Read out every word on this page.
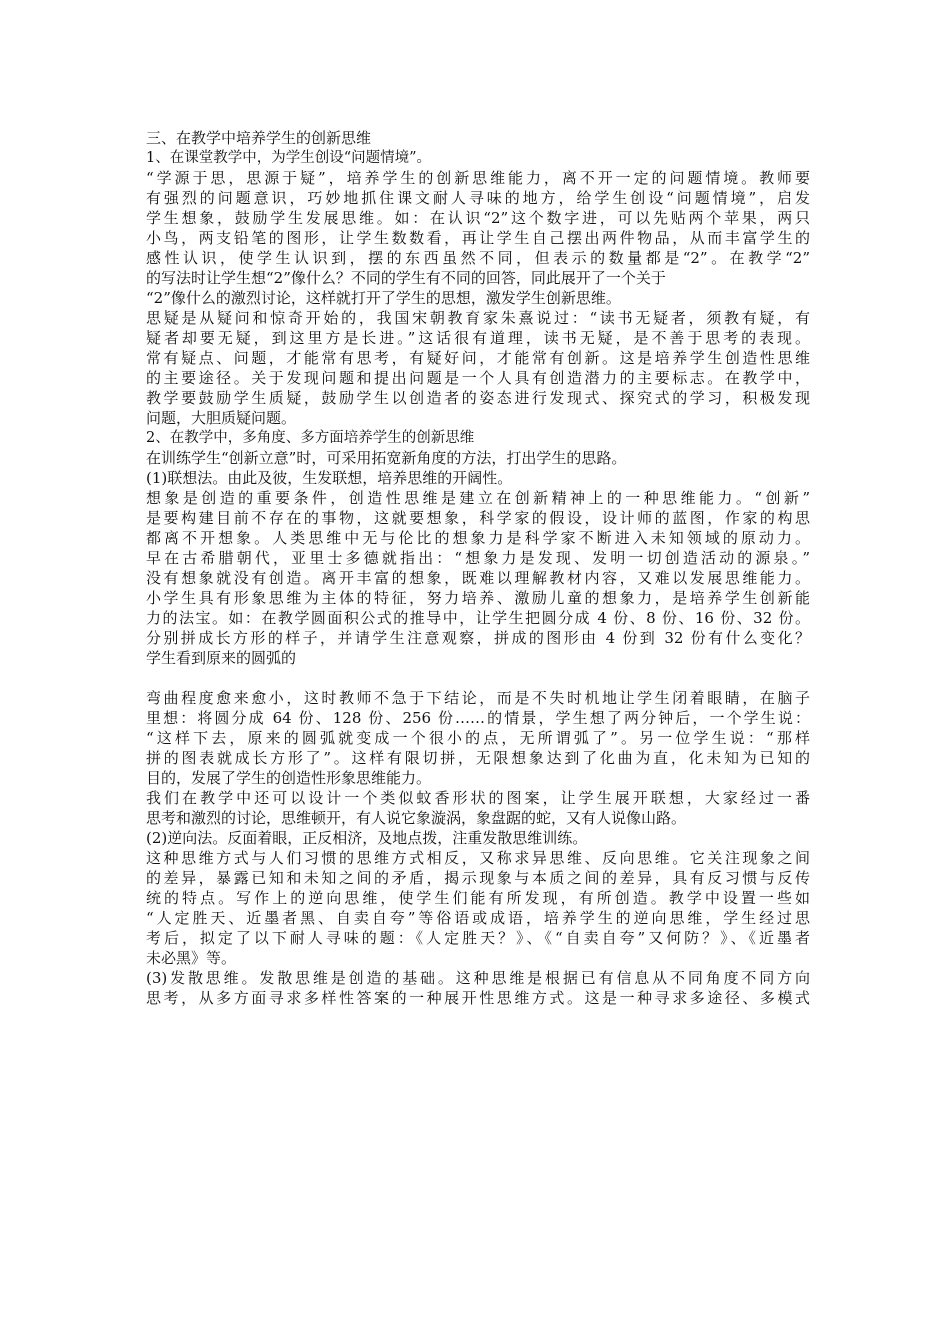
三、在教学中培养学生的创新思维
1、在课堂教学中，为学生创设“问题情境”。
“学源于思，思源于疑”，培养学生的创新思维能力，离不开一定的问题情境。教师要
有强烈的问题意识，巧妙地抓住课文耐人寻味的地方，给学生创设“问题情境”，启发
学生想象，鼓励学生发展思维。如：在认识“2”这个数字进，可以先贴两个苹果，两只
小鸟，两支铅笔的图形，让学生数数看，再让学生自己摆出两件物品，从而丰富学生的
感性认识，使学生认识到，摆的东西虽然不同，但表示的数量都是“2”。在教学“2”
的写法时让学生想“2”像什么？不同的学生有不同的回答，同此展开了一个关于
“2”像什么的激烈讨论，这样就打开了学生的思想，激发学生创新思维。
思疑是从疑问和惊奇开始的，我国宋朝教育家朱熹说过：“读书无疑者，须教有疑，有
疑者却要无疑，到这里方是长进。”这话很有道理，读书无疑，是不善于思考的表现。
常有疑点、问题，才能常有思考，有疑好问，才能常有创新。这是培养学生创造性思维
的主要途径。关于发现问题和提出问题是一个人具有创造潜力的主要标志。在教学中，
教学要鼓励学生质疑，鼓励学生以创造者的姿态进行发现式、探究式的学习，积极发现
问题，大胆质疑问题。
2、在教学中，多角度、多方面培养学生的创新思维
在训练学生“创新立意”时，可采用拓宽新角度的方法，打出学生的思路。
(1)联想法。由此及彼，生发联想，培养思维的开阔性。
想象是创造的重要条件，创造性思维是建立在创新精神上的一种思维能力。“创新”
是要构建目前不存在的事物，这就要想象，科学家的假设，设计师的蓝图，作家的构思
都离不开想象。人类思维中无与伦比的想象力是科学家不断进入未知领域的原动力。
早在古希腊朝代，亚里士多德就指出：“想象力是发现、发明一切创造活动的源泉。”
没有想象就没有创造。离开丰富的想象，既难以理解教材内容，又难以发展思维能力。
小学生具有形象思维为主体的特征，努力培养、激励儿童的想象力，是培养学生创新能
力的法宝。如：在教学圆面积公式的推导中，让学生把圆分成 4 份、8 份、16 份、32 份。
分别拼成长方形的样子，并请学生注意观察，拼成的图形由 4 份到 32 份有什么变化？
学生看到原来的圆弧的
弯曲程度愈来愈小，这时教师不急于下结论，而是不失时机地让学生闭着眼睛，在脑子
里想：将圆分成 64 份、128 份、256 份……的情景，学生想了两分钟后，一个学生说：
“这样下去，原来的圆弧就变成一个很小的点，无所谓弧了”。另一位学生说：“那样
拼的图表就成长方形了”。这样有限切拼，无限想象达到了化曲为直，化未知为已知的
目的，发展了学生的创造性形象思维能力。
我们在教学中还可以设计一个类似蚊香形状的图案，让学生展开联想，大家经过一番
思考和激烈的讨论，思维顿开，有人说它象漩涡，象盘踞的蛇，又有人说像山路。
(2)逆向法。反面着眼，正反相济，及地点拨，注重发散思维训练。
这种思维方式与人们习惯的思维方式相反，又称求异思维、反向思维。它关注现象之间
的差异，暴露已知和未知之间的矛盾，揭示现象与本质之间的差异，具有反习惯与反传
统的特点。写作上的逆向思维，使学生们能有所发现，有所创造。教学中设置一些如
“人定胜天、近墨者黑、自卖自夸”等俗语或成语，培养学生的逆向思维，学生经过思
考后，拟定了以下耐人寻味的题：《人定胜天？》、《“自卖自夸”又何防？》、《近墨者
未必黑》等。
(3)发散思维。发散思维是创造的基础。这种思维是根据已有信息从不同角度不同方向
思考，从多方面寻求多样性答案的一种展开性思维方式。这是一种寻求多途径、多模式
